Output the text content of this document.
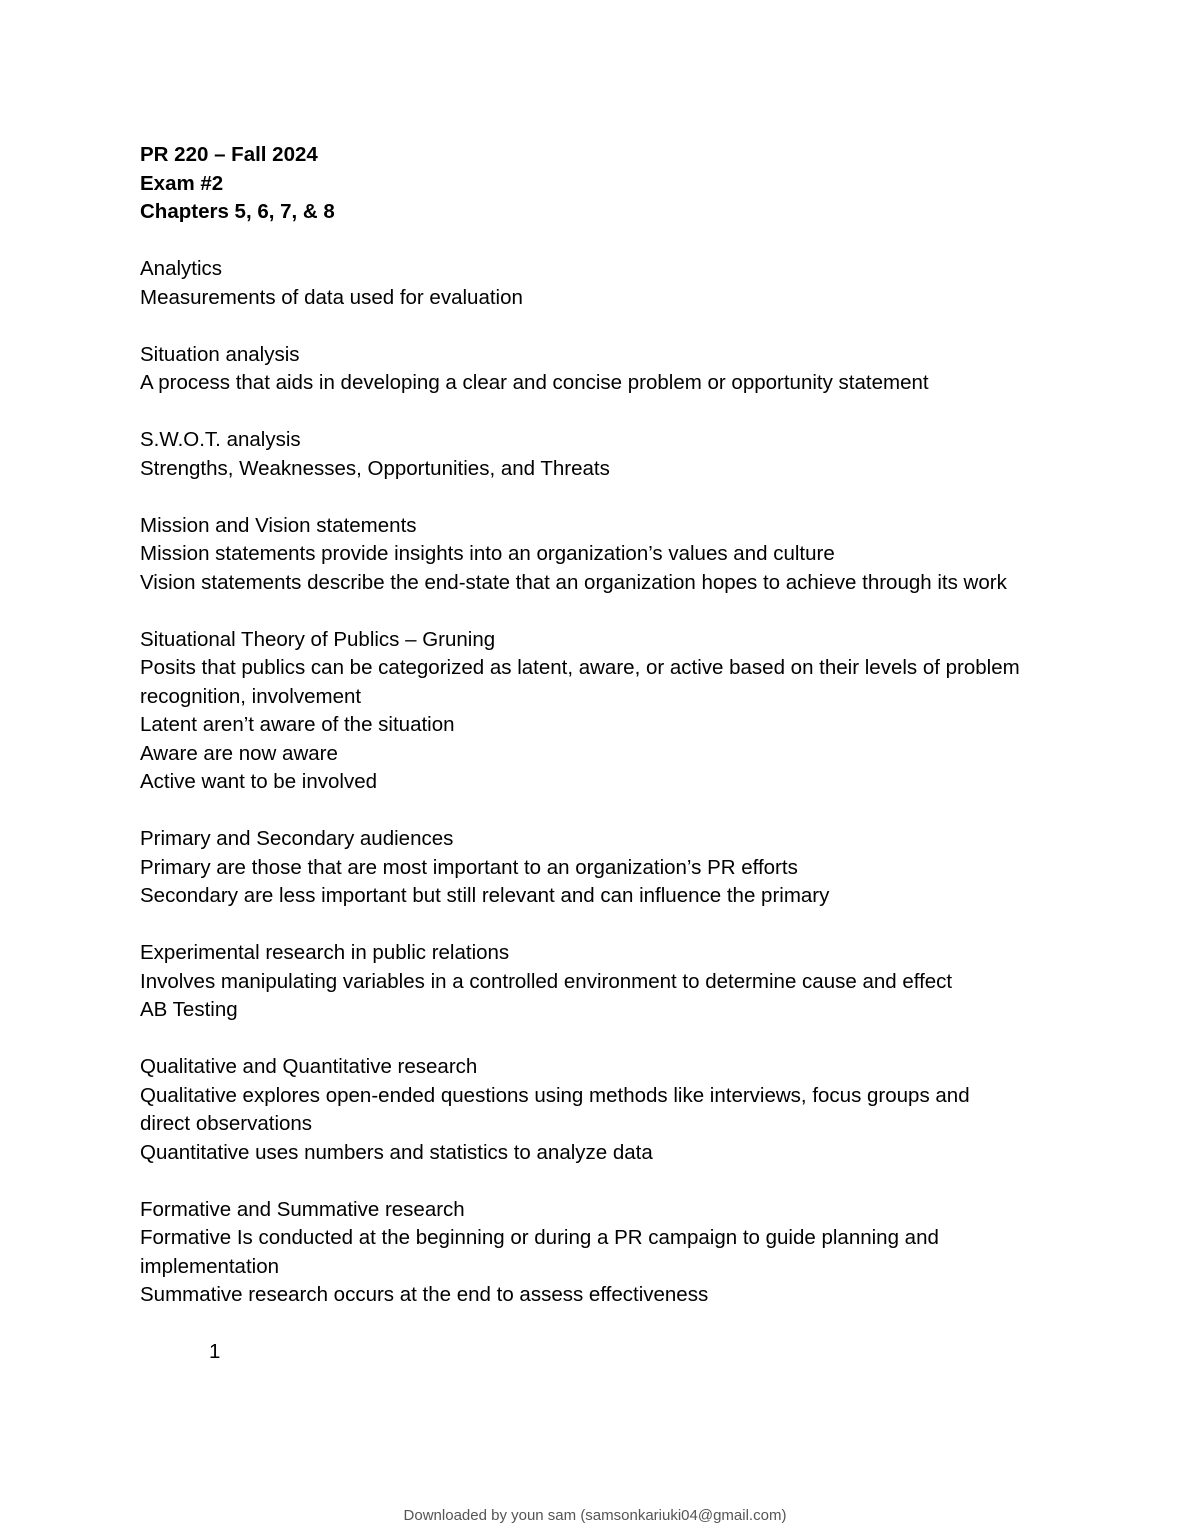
PR 220 – Fall 2024
Exam #2
Chapters 5, 6, 7, & 8
Analytics
Measurements of data used for evaluation
Situation analysis
A process that aids in developing a clear and concise problem or opportunity statement
S.W.O.T. analysis
Strengths, Weaknesses, Opportunities, and Threats
Mission and Vision statements
Mission statements provide insights into an organization’s values and culture
Vision statements describe the end-state that an organization hopes to achieve through its work
Situational Theory of Publics – Gruning
Posits that publics can be categorized as latent, aware, or active based on their levels of problem recognition, involvement
Latent aren’t aware of the situation
Aware are now aware
Active want to be involved
Primary and Secondary audiences
Primary are those that are most important to an organization’s PR efforts
Secondary are less important but still relevant and can influence the primary
Experimental research in public relations
Involves manipulating variables in a controlled environment to determine cause and effect
AB Testing
Qualitative and Quantitative research
Qualitative explores open-ended questions using methods like interviews, focus groups and direct observations
Quantitative uses numbers and statistics to analyze data
Formative and Summative research
Formative Is conducted at the beginning or during a PR campaign to guide planning and implementation
Summative research occurs at the end to assess effectiveness
1
Downloaded by youn sam (samsonkariuki04@gmail.com)
